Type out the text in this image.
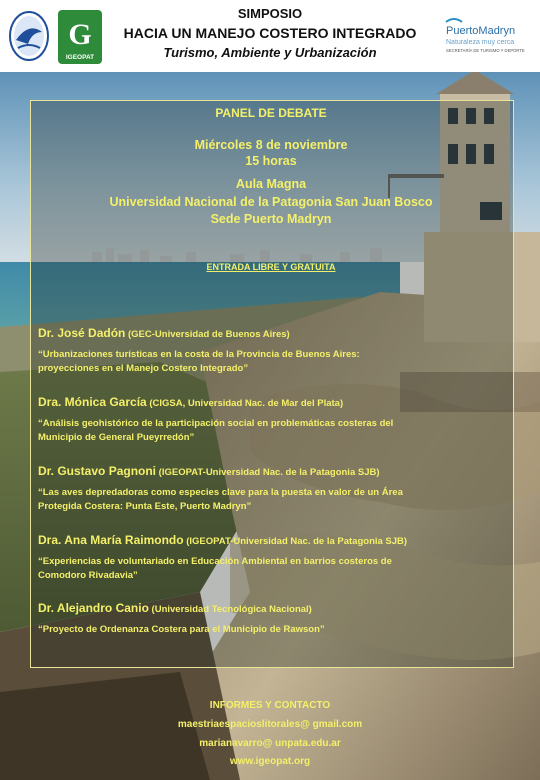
G
IGEOPAT
SIMPOSIO
HACIA UN MANEJO COSTERO INTEGRADO
Turismo, Ambiente y Urbanización
PuertoMadryn
Naturaleza muy cerca
SECRETARÍA DE TURISMO Y DEPORTE
PANEL DE DEBATE
Miércoles 8 de noviembre
15 horas
Aula Magna
Universidad Nacional de la Patagonia San Juan Bosco
Sede Puerto Madryn
ENTRADA LIBRE Y GRATUITA
Dr. José Dadón (GEC-Universidad de Buenos Aires)
“Urbanizaciones turísticas en la costa de la Provincia de Buenos Aires:
proyecciones en el Manejo Costero Integrado”
Dra. Mónica García (CIGSA, Universidad Nac. de Mar del Plata)
“Análisis geohistórico de la participación social en problemáticas costeras del
Municipio de General Pueyrredón”
Dr. Gustavo Pagnoni (IGEOPAT-Universidad Nac. de la Patagonia SJB)
“Las aves depredadoras como especies clave para la puesta en valor de un Área
Protegida Costera: Punta Este, Puerto Madryn”
Dra. Ana María Raimondo (IGEOPAT-Universidad Nac. de la Patagonia SJB)
“Experiencias de voluntariado en Educación Ambiental en barrios costeros de
Comodoro Rivadavia”
Dr. Alejandro Canio (Universidad Tecnológica Nacional)
“Proyecto de Ordenanza Costera para el Municipio de Rawson”
INFORMES Y CONTACTO
maestriaespacioslitorales@ gmail.com
marianavarro@ unpata.edu.ar
www.igeopat.org
